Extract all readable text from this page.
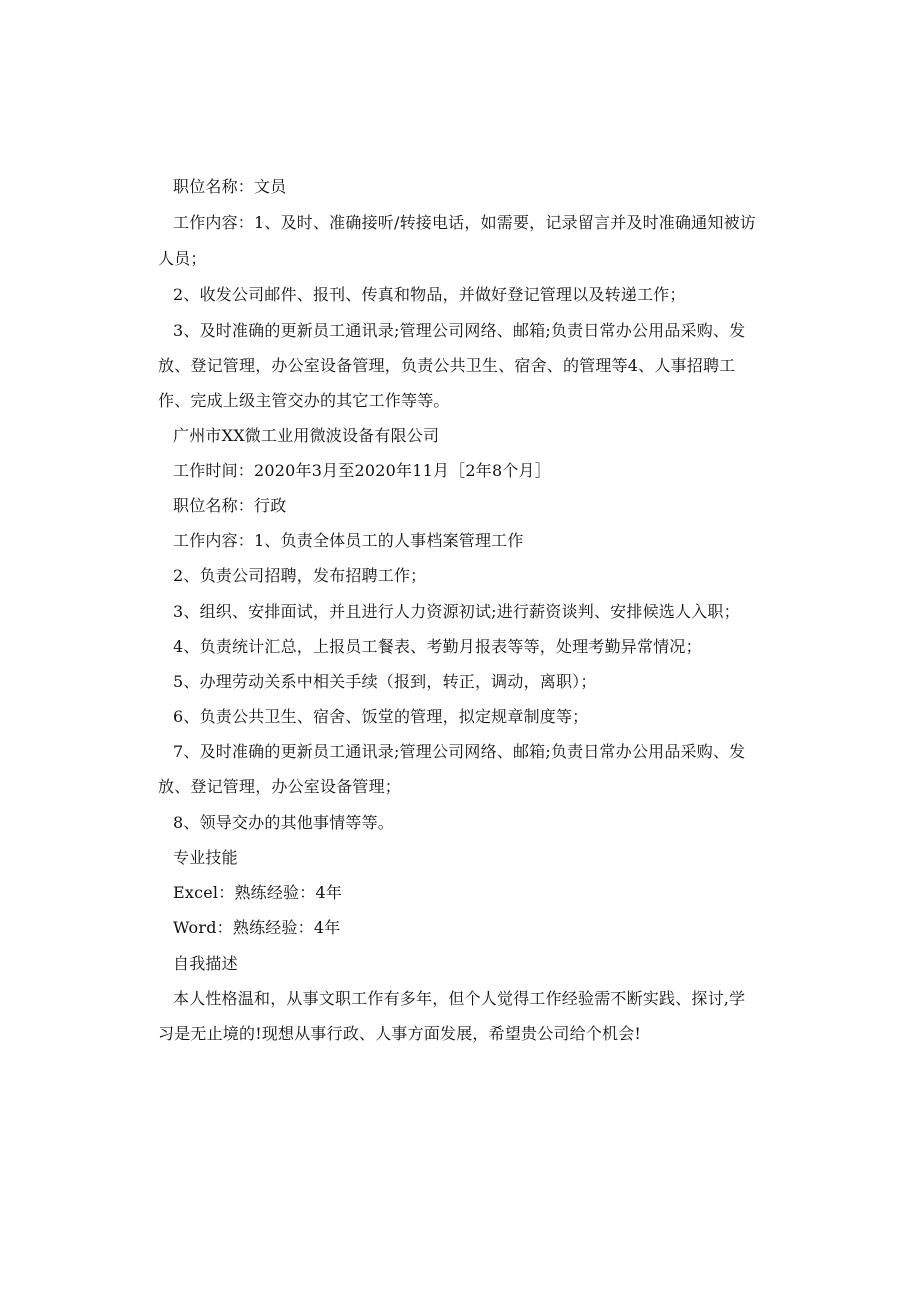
职位名称：文员
工作内容：1、及时、准确接听/转接电话，如需要，记录留言并及时准确通知被访
人员；
2、收发公司邮件、报刊、传真和物品，并做好登记管理以及转递工作；
3、及时准确的更新员工通讯录;管理公司网络、邮箱;负责日常办公用品采购、发
放、登记管理，办公室设备管理，负责公共卫生、宿舍、的管理等4、人事招聘工
作、完成上级主管交办的其它工作等等。
广州市XX微工业用微波设备有限公司
工作时间：2020年3月至2020年11月［2年8个月］
职位名称：行政
工作内容：1、负责全体员工的人事档案管理工作
2、负责公司招聘，发布招聘工作；
3、组织、安排面试，并且进行人力资源初试;进行薪资谈判、安排候选人入职；
4、负责统计汇总，上报员工餐表、考勤月报表等等，处理考勤异常情况；
5、办理劳动关系中相关手续（报到，转正，调动，离职）；
6、负责公共卫生、宿舍、饭堂的管理，拟定规章制度等；
7、及时准确的更新员工通讯录;管理公司网络、邮箱;负责日常办公用品采购、发
放、登记管理，办公室设备管理；
8、领导交办的其他事情等等。
专业技能
Excel：熟练经验：4年
Word：熟练经验：4年
自我描述
本人性格温和，从事文职工作有多年，但个人觉得工作经验需不断实践、探讨,学
习是无止境的!现想从事行政、人事方面发展，希望贵公司给个机会!
